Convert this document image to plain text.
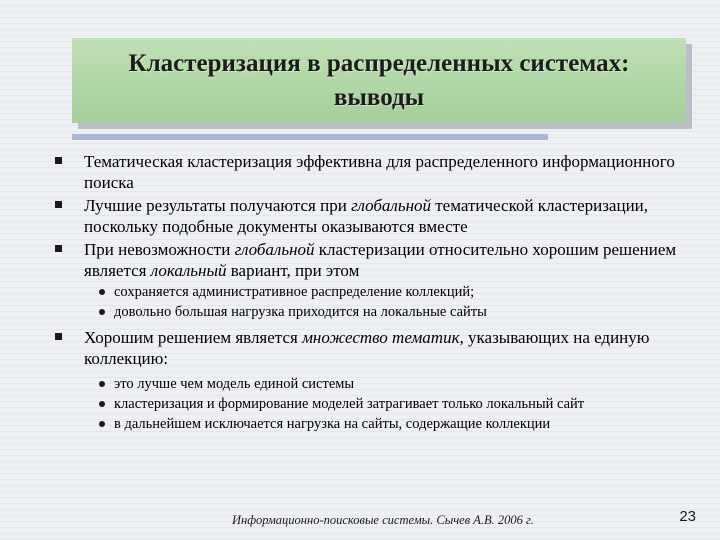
Кластеризация в распределенных системах:
выводы
Тематическая кластеризация эффективна для распределенного информационного поиска
Лучшие результаты получаются при глобальной тематической кластеризации, поскольку подобные документы оказываются вместе
При невозможности глобальной кластеризации относительно хорошим решением является локальный вариант, при этом
сохраняется административное распределение коллекций;
довольно большая нагрузка приходится на локальные сайты
Хорошим решением является множество тематик, указывающих на единую коллекцию:
это лучше чем модель единой системы
кластеризация и формирование моделей затрагивает только локальный сайт
в дальнейшем исключается нагрузка на сайты, содержащие коллекции
Информационно-поисковые системы. Сычев А.В. 2006 г.	23
